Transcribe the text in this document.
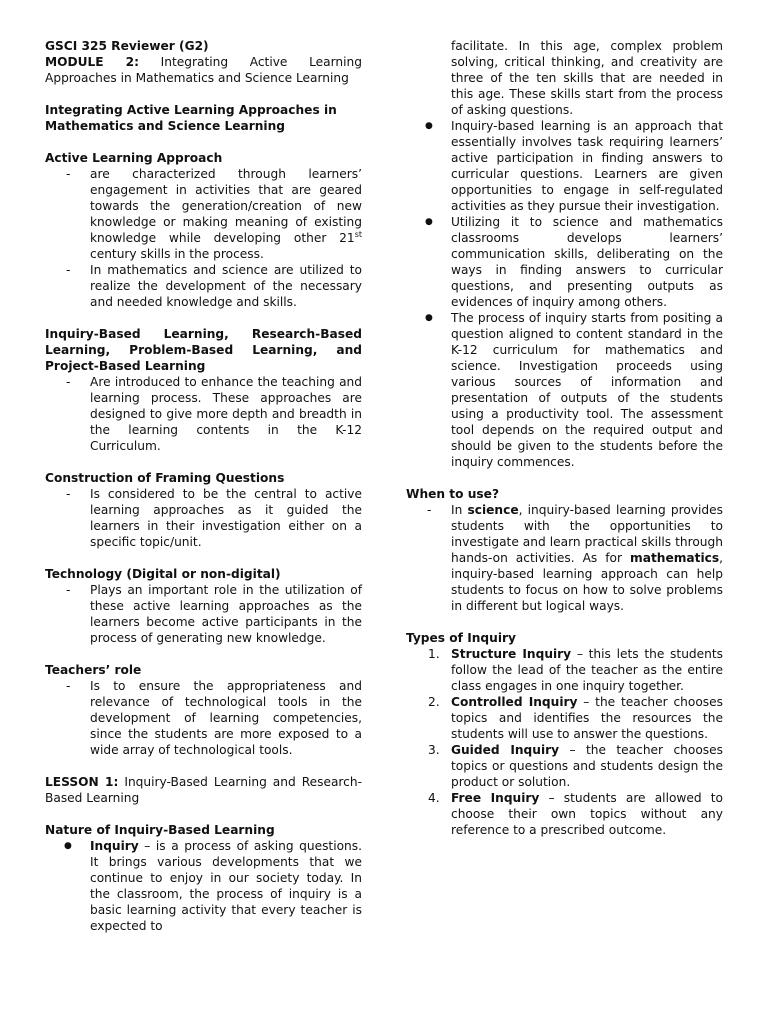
GSCI 325 Reviewer (G2)
MODULE 2: Integrating Active Learning Approaches in Mathematics and Science Learning
Integrating Active Learning Approaches in Mathematics and Science Learning
Active Learning Approach
- are characterized through learners’ engagement in activities that are geared towards the generation/creation of new knowledge or making meaning of existing knowledge while developing other 21st century skills in the process.
- In mathematics and science are utilized to realize the development of the necessary and needed knowledge and skills.
Inquiry-Based Learning, Research-Based Learning, Problem-Based Learning, and Project-Based Learning
- Are introduced to enhance the teaching and learning process. These approaches are designed to give more depth and breadth in the learning contents in the K-12 Curriculum.
Construction of Framing Questions
- Is considered to be the central to active learning approaches as it guided the learners in their investigation either on a specific topic/unit.
Technology (Digital or non-digital)
- Plays an important role in the utilization of these active learning approaches as the learners become active participants in the process of generating new knowledge.
Teachers’ role
- Is to ensure the appropriateness and relevance of technological tools in the development of learning competencies, since the students are more exposed to a wide array of technological tools.
LESSON 1: Inquiry-Based Learning and Research-Based Learning
Nature of Inquiry-Based Learning
● Inquiry – is a process of asking questions. It brings various developments that we continue to enjoy in our society today. In the classroom, the process of inquiry is a basic learning activity that every teacher is expected to
facilitate. In this age, complex problem solving, critical thinking, and creativity are three of the ten skills that are needed in this age. These skills start from the process of asking questions.
● Inquiry-based learning is an approach that essentially involves task requiring learners’ active participation in finding answers to curricular questions. Learners are given opportunities to engage in self-regulated activities as they pursue their investigation.
● Utilizing it to science and mathematics classrooms develops learners’ communication skills, deliberating on the ways in finding answers to curricular questions, and presenting outputs as evidences of inquiry among others.
● The process of inquiry starts from positing a question aligned to content standard in the K-12 curriculum for mathematics and science. Investigation proceeds using various sources of information and presentation of outputs of the students using a productivity tool. The assessment tool depends on the required output and should be given to the students before the inquiry commences.
When to use?
- In science, inquiry-based learning provides students with the opportunities to investigate and learn practical skills through hands-on activities. As for mathematics, inquiry-based learning approach can help students to focus on how to solve problems in different but logical ways.
Types of Inquiry
1. Structure Inquiry – this lets the students follow the lead of the teacher as the entire class engages in one inquiry together.
2. Controlled Inquiry – the teacher chooses topics and identifies the resources the students will use to answer the questions.
3. Guided Inquiry – the teacher chooses topics or questions and students design the product or solution.
4. Free Inquiry – students are allowed to choose their own topics without any reference to a prescribed outcome.
